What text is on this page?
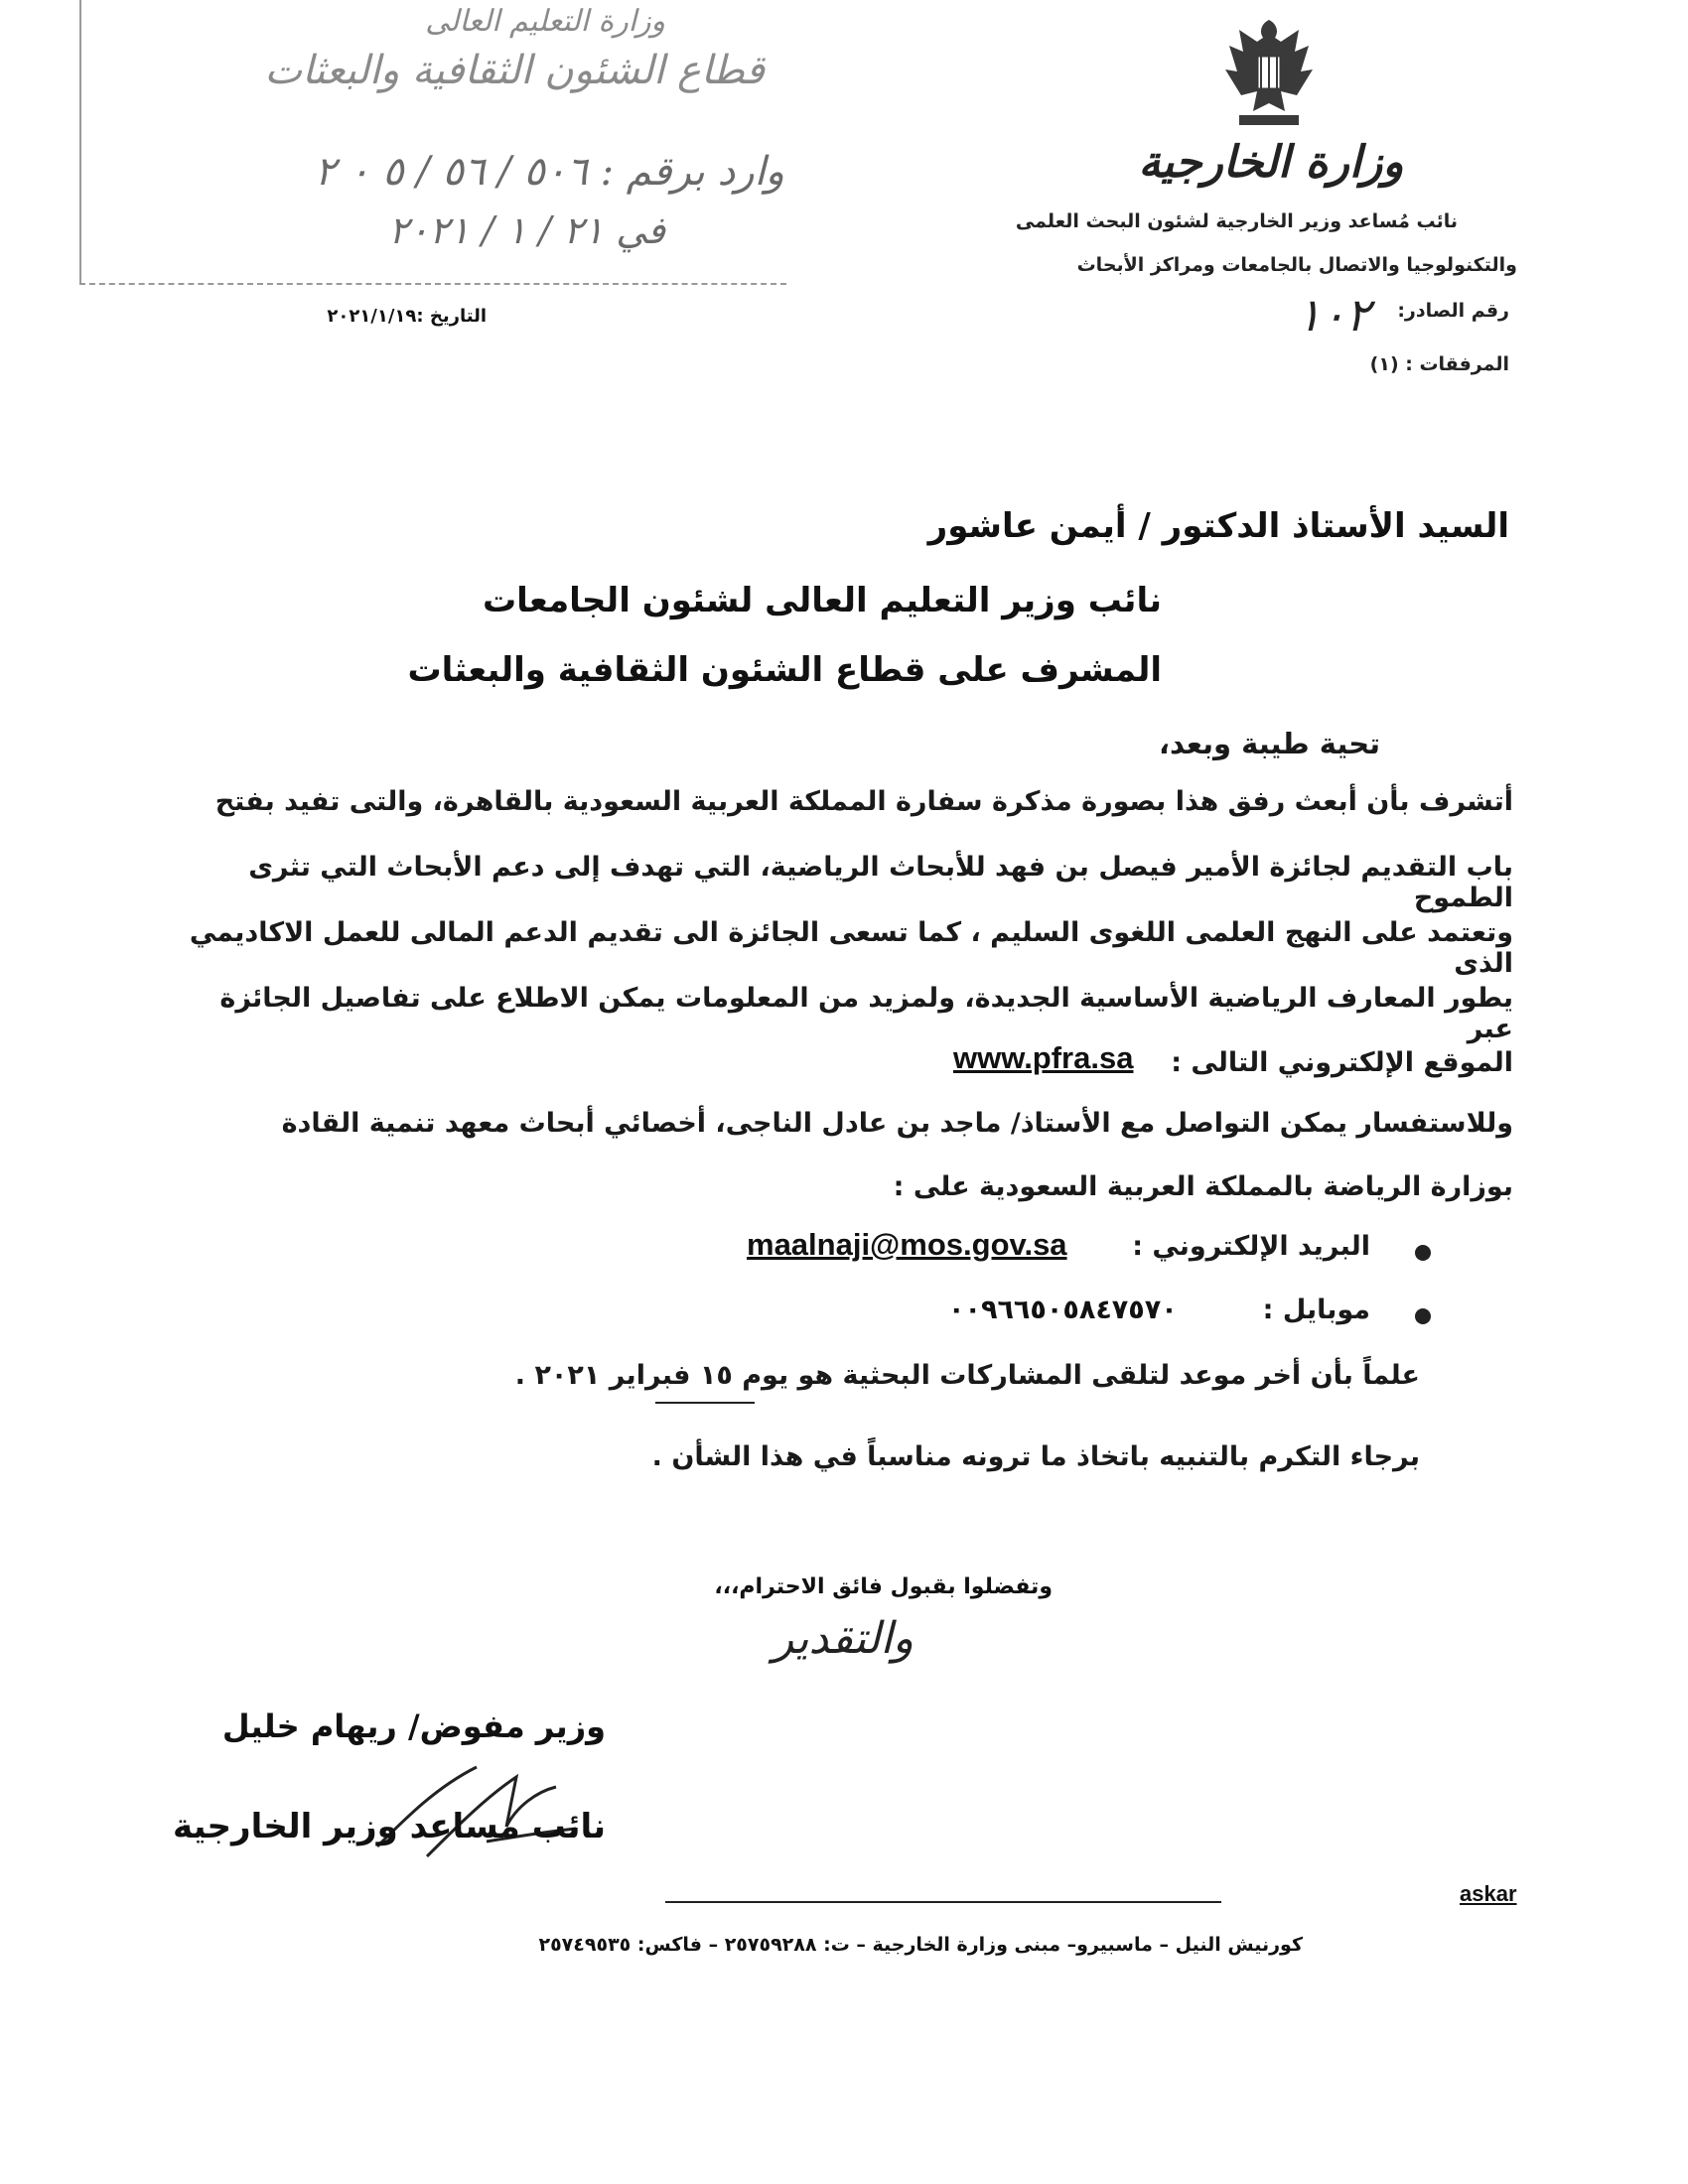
وزارة التعليم العالى
قطاع الشئون الثقافية والبعثات
وارد برقم : ٥٠٦ / ٥٦ / ٥ ٠ ٢
في ٢١ / ١ / ٢٠٢١
وزارة الخارجية
نائب مُساعد وزير الخارجية لشئون البحث العلمى
والتكنولوجيا والاتصال بالجامعات ومراكز الأبحاث
رقم الصادر:
١٠٢
المرفقات : (١)
التاريخ :٢٠٢١/١/١٩
السيد الأستاذ الدكتور / أيمن عاشور
نائب وزير التعليم العالى لشئون الجامعات
المشرف على قطاع الشئون الثقافية والبعثات
تحية طيبة وبعد،
أتشرف بأن أبعث رفق هذا بصورة مذكرة سفارة المملكة العربية السعودية بالقاهرة، والتى تفيد بفتح
باب التقديم لجائزة الأمير فيصل بن فهد للأبحاث الرياضية، التي تهدف إلى دعم الأبحاث التي تثرى الطموح
وتعتمد على النهج العلمى اللغوى السليم ، كما تسعى الجائزة الى تقديم الدعم المالى للعمل الاكاديمي الذى
يطور المعارف الرياضية الأساسية الجديدة، ولمزيد من المعلومات يمكن الاطلاع على تفاصيل الجائزة عبر
الموقع الإلكتروني التالى :
www.pfra.sa
وللاستفسار يمكن التواصل مع الأستاذ/ ماجد بن عادل الناجى، أخصائي أبحاث معهد تنمية القادة
بوزارة الرياضة بالمملكة العربية السعودية على :
البريد الإلكتروني :
maalnaji@mos.gov.sa
موبايل :
٠٠٩٦٦٥٠٥٨٤٧٥٧٠
علماً بأن أخر موعد لتلقى المشاركات البحثية هو يوم ١٥ فبراير ٢٠٢١ .
برجاء التكرم بالتنبيه باتخاذ ما ترونه مناسباً في هذا الشأن .
وتفضلوا بقبول فائق الاحترام،،،
والتقدير
وزير مفوض/ ريهام خليل
نائب مساعد وزير الخارجية
askar
كورنيش النيل – ماسبيرو– مبنى وزارة الخارجية – ت: ٢٥٧٥٩٢٨٨ – فاكس: ٢٥٧٤٩٥٣٥
